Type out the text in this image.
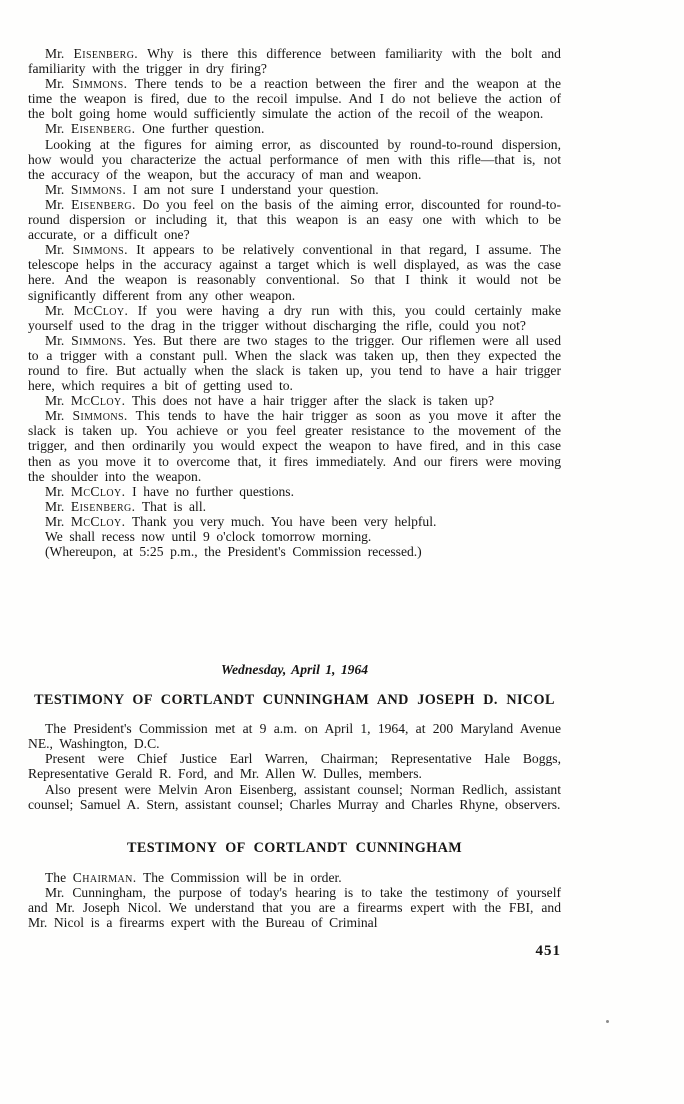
Mr. Eisenberg. Why is there this difference between familiarity with the bolt and familiarity with the trigger in dry firing?

Mr. Simmons. There tends to be a reaction between the firer and the weapon at the time the weapon is fired, due to the recoil impulse. And I do not believe the action of the bolt going home would sufficiently simulate the action of the recoil of the weapon.

Mr. Eisenberg. One further question.

Looking at the figures for aiming error, as discounted by round-to-round dispersion, how would you characterize the actual performance of men with this rifle—that is, not the accuracy of the weapon, but the accuracy of man and weapon.

Mr. Simmons. I am not sure I understand your question.

Mr. Eisenberg. Do you feel on the basis of the aiming error, discounted for round-to-round dispersion or including it, that this weapon is an easy one with which to be accurate, or a difficult one?

Mr. Simmons. It appears to be relatively conventional in that regard, I assume. The telescope helps in the accuracy against a target which is well displayed, as was the case here. And the weapon is reasonably conventional. So that I think it would not be significantly different from any other weapon.

Mr. McCloy. If you were having a dry run with this, you could certainly make yourself used to the drag in the trigger without discharging the rifle, could you not?

Mr. Simmons. Yes. But there are two stages to the trigger. Our riflemen were all used to a trigger with a constant pull. When the slack was taken up, then they expected the round to fire. But actually when the slack is taken up, you tend to have a hair trigger here, which requires a bit of getting used to.

Mr. McCloy. This does not have a hair trigger after the slack is taken up?

Mr. Simmons. This tends to have the hair trigger as soon as you move it after the slack is taken up. You achieve or you feel greater resistance to the movement of the trigger, and then ordinarily you would expect the weapon to have fired, and in this case then as you move it to overcome that, it fires immediately. And our firers were moving the shoulder into the weapon.

Mr. McCloy. I have no further questions.

Mr. Eisenberg. That is all.

Mr. McCloy. Thank you very much. You have been very helpful.

We shall recess now until 9 o'clock tomorrow morning.

(Whereupon, at 5:25 p.m., the President's Commission recessed.)

Wednesday, April 1, 1964

TESTIMONY OF CORTLANDT CUNNINGHAM AND JOSEPH D. NICOL

The President's Commission met at 9 a.m. on April 1, 1964, at 200 Maryland Avenue NE., Washington, D.C.

Present were Chief Justice Earl Warren, Chairman; Representative Hale Boggs, Representative Gerald R. Ford, and Mr. Allen W. Dulles, members.

Also present were Melvin Aron Eisenberg, assistant counsel; Norman Redlich, assistant counsel; Samuel A. Stern, assistant counsel; Charles Murray and Charles Rhyne, observers.

TESTIMONY OF CORTLANDT CUNNINGHAM

The Chairman. The Commission will be in order.

Mr. Cunningham, the purpose of today's hearing is to take the testimony of yourself and Mr. Joseph Nicol. We understand that you are a firearms expert with the FBI, and Mr. Nicol is a firearms expert with the Bureau of Criminal

451
